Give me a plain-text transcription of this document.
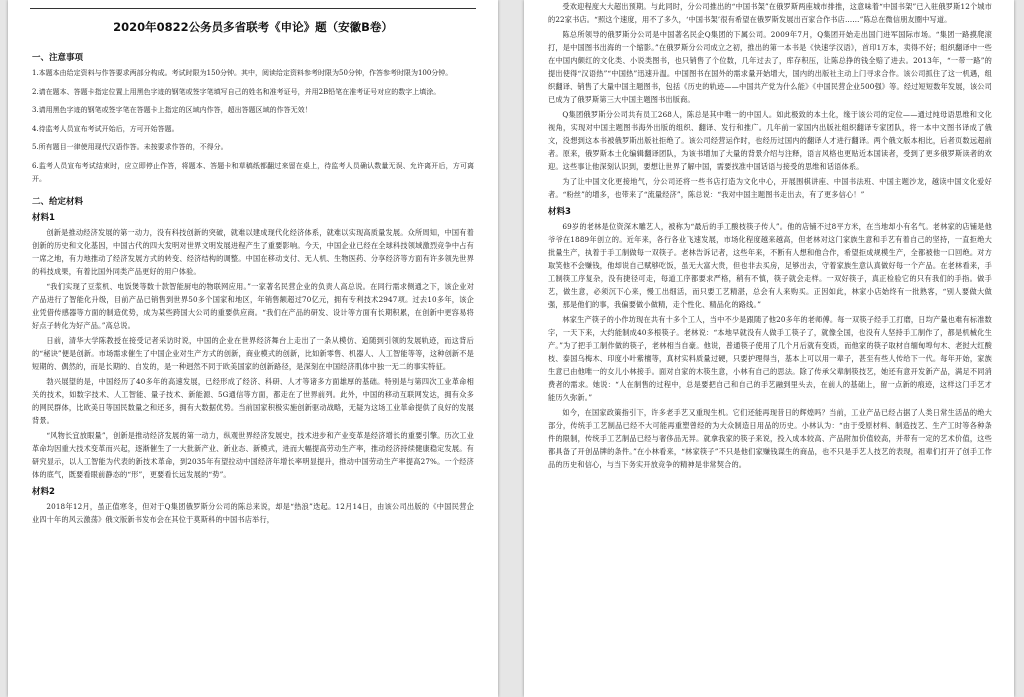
2020年0822公务员多省联考《申论》题（安徽B卷）
一、注意事项

1.本题本由给定资料与作答要求两部分构成。考试时限为150分钟。其中，阅读给定资料参考时限为50分钟，作答参考时限为100分钟。

2.请在题本、答题卡指定位置上用黑色字迹的钢笔或签字笔填写自己的姓名和准考证号，并用2B铅笔在准考证号对应的数字上填涂。

3.请用黑色字迹的钢笔或签字笔在答题卡上指定的区域内作答，超出答题区域的作答无效！

4.待监考人员宣布考试开始后，方可开始答题。

5.所有题目一律使用现代汉语作答。未按要求作答的，不得分。

6.监考人员宣布考试结束时，应立即停止作答，将题本、答题卡和草稿纸都翻过来留在桌上，待监考人员确认数量无误、允许离开后，方可离开。

二、给定材料
材料1

创新是推动经济发展的第一动力，没有科技创新的突破，就难以建成现代化经济体系，就难以实现高质量发展。众所周知，中国有着创新的历史和文化基因，中国古代的四大发明对世界文明发展进程产生了重要影响。今天，中国企业已经在全球科技领域激烈竞争中占有一席之地，有力地推动了经济发展方式的转变、经济结构的调整。中国在移动支付、无人机、生物医药、分享经济等方面有许多领先世界的科技成果，有着比国外同类产品更好的用户体验。

“我们实现了豆浆机、电饭煲等数十款智能厨电的物联网应用。”一家著名民营企业的负责人高总说。在同行需求侧通之下，该企业对产品进行了智能化升级，目前产品已销售到世界50多个国家和地区，年销售额超过70亿元，拥有专利技术2947项。过去10多年，该企业凭借传感器等方面的制造优势，成为某些跨国大公司的重要供应商。“我们在产品的研发、设计等方面有长期积累，在创新中更容易将好点子转化为好产品。”高总说。

日前，清华大学陈教授在接受记者采访时说，中国的企业在世界经济舞台上走出了一条从模仿、追随到引领的发展轨迹，而这背后的“秘诀”便是创新。市场需求催生了中国企业对生产方式的创新，商业模式的创新，比如新零售、机器人、人工智能等等，这种创新不是短期的、偶然的，而是长期的、自发的，是一种迥然不同于欧美国家的创新路径，是深刻在中国经济肌体中独一无二的事实特征。

勃兴展望的是，中国经历了40多年的高速发展，已经形成了经济、科研、人才等诸多方面雄厚的基础。特别是与第四次工业革命相关的技术，如数字技术、人工智能、量子技术、新能源、5G通信等方面，都走在了世界前列。此外，中国的移动互联网发达，拥有众多的网民群体，比欧美日等国民数量之和还多，拥有大数据优势。当前国家积极实施创新驱动战略，无疑为这场工业革命提供了良好的发展背景。

“风物长宜放眼量”，创新是推动经济发展的第一动力，纵观世界经济发展史，技术进步和产业变革是经济增长的重要引擎。历次工业革命均因重大技术变革而兴起，逐渐催生了一大批新产业、新业态、新模式，进而大幅提高劳动生产率，推动经济持续健康稳定发展。有研究显示，以人工智能为代表的新技术革命，到2035年有望拉动中国经济年增长率明显提升，推动中国劳动生产率提高27%。一个经济体的底气，既要看眼前静态的“形”，更要看长远发展的“势”。

材料2

2018年12月，虽正值寒冬，但对于Q集团俄罗斯分公司的陈总来说，却是“热浪”迭起。12月14日，由该公司出版的《中国民营企业四十年的风云激荡》俄文版新书发布会在其位于莫斯科的中国书店举行，

受欢迎程度大大超出预期。与此同时，分公司推出的“中国书架”在俄罗斯两座城市排推，这意味着“中国书架”已入驻俄罗斯12个城市的22家书店。“照这个速度，用不了多久，‘中国书架’很有希望在俄罗斯发展出百家合作书店……”陈总在微信朋友圈中写道。

陈总所领导的俄罗斯分公司是中国著名民企Q集团的下属公司。2009年7月，Q集团开始走出国门进军国际市场。“集团一路摸爬滚打，是中国图书出海的一个缩影。”在俄罗斯分公司成立之初，推出的第一本书是《快速学汉语》，首印1万本，卖得不好；组织翻译中一些在中国内颇红的文化类、小说类图书，也只销售了个位数，几年过去了，库存积压，让陈总挣的钱全赔了进去。2013年，“一带一路”的提出使得“汉语热”“中国热”迅速升温。中国图书在国外的需求量开始增大，国内的出版社主动上门寻求合作。该公司抓住了这一机遇，组织翻译、销售了大量中国主题图书，包括《历史的轨迹——中国共产党为什么能》《中国民营企业500强》等。经过短短数年发展，该公司已成为了俄罗斯第三大中国主题图书出版商。

Q集团俄罗斯分公司共有员工268人，陈总是其中唯一的中国人。如此极致的本土化，缘于该公司的定位——通过纯母语思维和文化视角，实现对中国主题图书海外出版的组织、翻译、发行和推广。几年前一家国内出版社组织翻译专家团队，将一本中文图书译成了俄文，没想到这本书被俄罗斯出版社拒绝了。该公司经营运作时，也经历过国内的翻译人才进行翻译。两个俄文版本相比，后者页数远超前者。原来，俄罗斯本土化编辑翻译团队，为该书增加了大量的背景介绍与注释，语言风格也更贴近本国读者，受到了更多俄罗斯读者的欢迎。这些事让他深刻认识到，要想让世界了解中国，需要找准中国话语与接受的思维和话语体系。

为了让中国文化更接地气，分公司还将一些书店打造为文化中心，开展围棋讲座、中国书法班、中国主题沙龙，越读中国文化爱好者。“粉丝”的增多，也带来了“流量经济”，陈总说：“我对中国主题图书走出去，有了更多信心！”

材料3

69岁的老林是位资深木雕艺人，被称为“最后的手工酸枝筷子传人”。他的店铺不过8平方米，在当地却小有名气。老林家的店铺是他爷爷在1889年创立的。近年来，各行各业飞速发展，市场化程度越来越高，但老林对这门家族生意和手艺有着自己的坚持，一直拒绝大批量生产，执着于手工制做每一双筷子。老林告诉记者，这些年来，不断有人想和他合作，希望拒成规模生产，全都被他一口回绝。对方取笑他不会赚钱，他却说自己赋够吃饭，虽无大富大贵，但也非去买房，足够出去，守着家族生意认真做好每一个产品。在老林看来，手工制筷工序复杂，没有捷径可走，每道工序都要求严格，稍有不慎，筷子就会走样。一双好筷子，真正检验它的只有我们的手指。做手艺，做生意，必须沉下心来，慢工出细活，而只要工艺精湛，总会有人来购买。正因如此，林家小店始终有一批熟客，“别人要做大做强，那是他们的事，我偏要做小做精，走个性化、精品化的路线。”

林家生产筷子的小作坊现在共有十多个工人，当中不少是跟随了他20多年的老师傅。每一双筷子经手工打磨，日均产量也难有标准数字，一天下来，大约能制成40多根筷子。老林说：“本地早就没有人做手工筷子了，就像全国，也没有人坚持手工制作了，都是机械化生产。”为了把手工制作做的筷子，老林相当自豪。他说，普通筷子使用了几个月后就有变质，而他家的筷子取材自缅甸埠句木、老挝大红酸枝、泰国乌梅木、印度小叶紫檀等，真材实料质量过硬，只要护理得当，基本上可以用一辈子，甚至有些人传给下一代。每年开始，家族生意已由他唯一的女儿小林接手。面对自家的木筷生意，小林有自己的思法。除了传承父辈制筷技艺，她还有意开发新产品，满足不同消费者的需求。她说：“人在制售的过程中，总是要把自己和自己的手艺融到里头去，在前人的基础上，留一点新的痕迹，这样这门手艺才能历久弥新。”

如今，在国家政策指引下，许多老手艺又重现生机。它们还能再现昔日的辉煌吗？当前，工业产品已经占据了人类日常生活品的绝大部分，传统手工艺制品已经不大可能再重塑曾经的为大众制造日用品的历史。小林认为：“由于受原材料、制造技艺、生产工时等各种条件的限制，传统手工艺制品已经与奢侈品无异。就拿我家的筷子来说，投入成本较高、产品附加价值较高，并带有一定的艺术价值，这些都具备了开创品牌的条件。”在小林看来，“林家筷子”不只是他们家赚钱谋生的商品，也不只是手艺人技艺的表现，祖辈们打开了创手工作品的历史和信心，与当下务实开放竞争的精神是非常契合的。
